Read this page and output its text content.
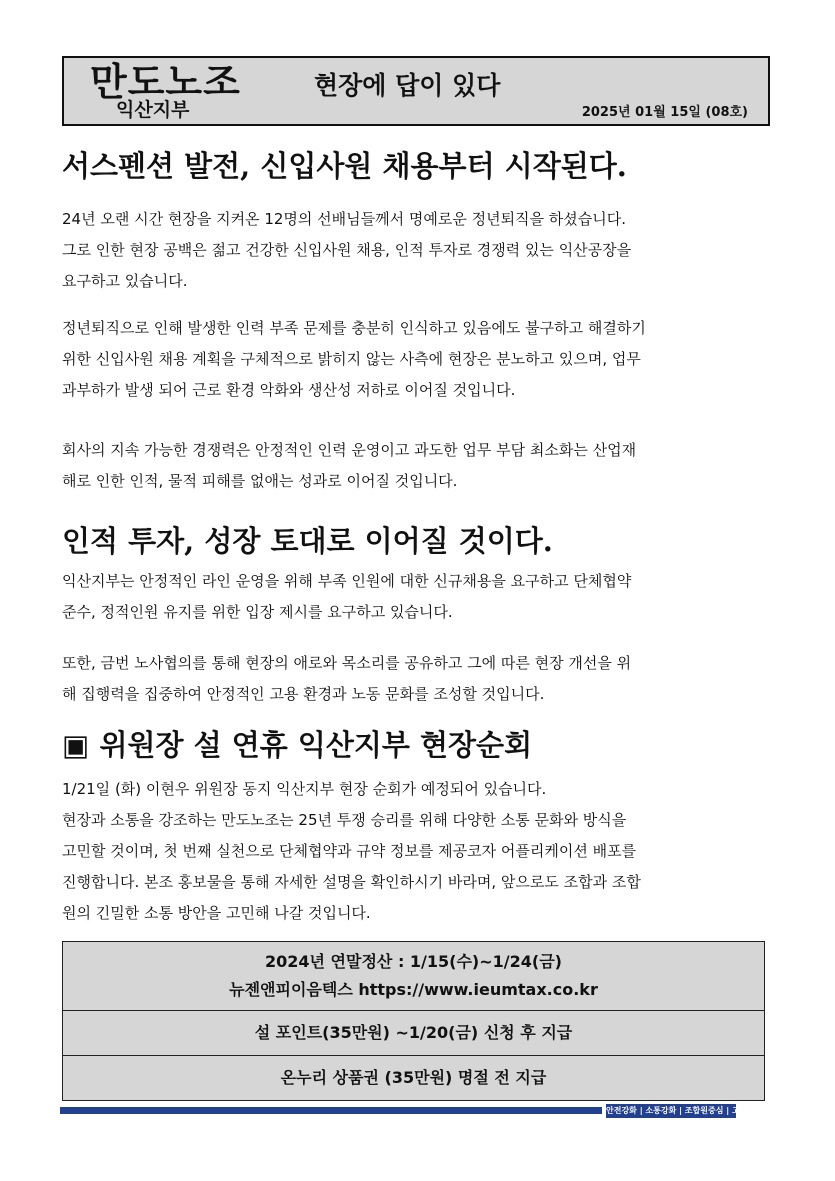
만도노조
익산지부
현장에 답이 있다
2025년 01월 15일 (08호)
서스펜션 발전, 신입사원 채용부터 시작된다.

24년 오랜 시간 현장을 지켜온 12명의 선배님들께서 명예로운 정년퇴직을 하셨습니다.
그로 인한 현장 공백은 젊고 건강한 신입사원 채용, 인적 투자로 경쟁력 있는 익산공장을
요구하고 있습니다.

정년퇴직으로 인해 발생한 인력 부족 문제를 충분히 인식하고 있음에도 불구하고 해결하기
위한 신입사원 채용 계획을 구체적으로 밝히지 않는 사측에 현장은 분노하고 있으며, 업무
과부하가 발생 되어 근로 환경 악화와 생산성 저하로 이어질 것입니다.

회사의 지속 가능한 경쟁력은 안정적인 인력 운영이고 과도한 업무 부담 최소화는 산업재
해로 인한 인적, 물적 피해를 없애는 성과로 이어질 것입니다.

인적 투자, 성장 토대로 이어질 것이다.

익산지부는 안정적인 라인 운영을 위해 부족 인원에 대한 신규채용을 요구하고 단체협약
준수, 정적인원 유지를 위한 입장 제시를 요구하고 있습니다.

또한, 금번 노사협의를 통해 현장의 애로와 목소리를 공유하고 그에 따른 현장 개선을 위
해 집행력을 집중하여 안정적인 고용 환경과 노동 문화를 조성할 것입니다.

▣ 위원장 설 연휴 익산지부 현장순회

1/21일 (화) 이현우 위원장 동지 익산지부 현장 순회가 예정되어 있습니다.
현장과 소통을 강조하는 만도노조는 25년 투쟁 승리를 위해 다양한 소통 문화와 방식을
고민할 것이며, 첫 번째 실천으로 단체협약과 규약 정보를 제공코자 어플리케이션 배포를
진행합니다. 본조 홍보물을 통해 자세한 설명을 확인하시기 바라며, 앞으로도 조합과 조합
원의 긴밀한 소통 방안을 고민해 나갈 것입니다.

2024년 연말정산 : 1/15(수)~1/24(금)
뉴젠앤피이음텍스 https://www.ieumtax.co.kr

설 포인트(35만원) ~1/20(금) 신청 후 지급

온누리 상품권 (35만원) 명절 전 지급
안전강화 | 소통강화 | 조합원중심 | 고용안정
